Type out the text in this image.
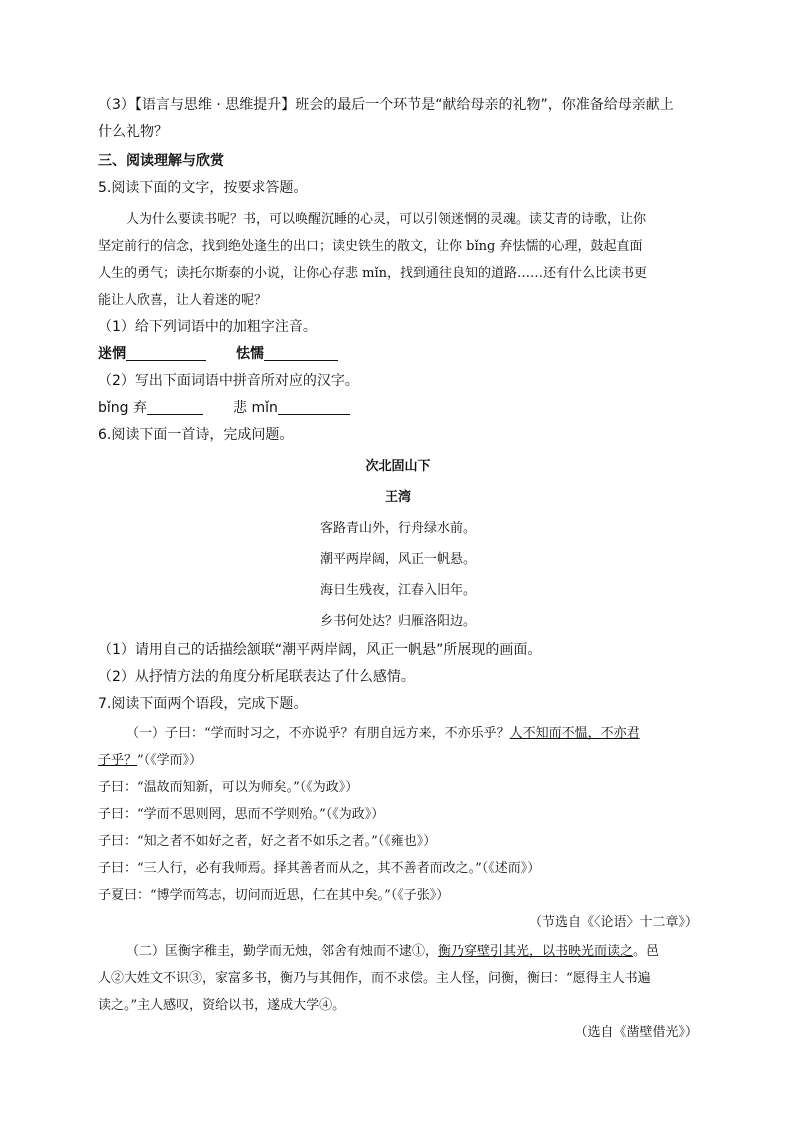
（3）【语言与思维 · 思维提升】班会的最后一个环节是“献给母亲的礼物”，你准备给母亲献上
什么礼物？
三、阅读理解与欣赏
5.阅读下面的文字，按要求答题。
人为什么要读书呢？书，可以唤醒沉睡的心灵，可以引领迷惘的灵魂。读艾青的诗歌，让你
坚定前行的信念，找到绝处逢生的出口；读史铁生的散文，让你 bǐng 弃怯懦的心理，鼓起直面
人生的勇气；读托尔斯泰的小说，让你心存悲 mǐn，找到通往良知的道路……还有什么比读书更
能让人欣喜，让人着迷的呢？
（1）给下列词语中的加粗字注音。
迷惘	怯懦
（2）写出下面词语中拼音所对应的汉字。
bǐng 弃	悲 mǐn
6.阅读下面一首诗，完成问题。
次北固山下
王湾
客路青山外，行舟绿水前。
潮平两岸阔，风正一帆悬。
海日生残夜，江春入旧年。
乡书何处达？归雁洛阳边。
（1）请用自己的话描绘颔联“潮平两岸阔，风正一帆悬”所展现的画面。
（2）从抒情方法的角度分析尾联表达了什么感情。
7.阅读下面两个语段，完成下题。
（一）子曰：“学而时习之，不亦说乎？有朋自远方来，不亦乐乎？人不知而不愠，不亦君
子乎？”（《学而》）
子曰：“温故而知新，可以为师矣。”（《为政》）
子曰：“学而不思则罔，思而不学则殆。”（《为政》）
子曰：“知之者不如好之者，好之者不如乐之者。”（《雍也》）
子曰：“三人行，必有我师焉。择其善者而从之，其不善者而改之。”（《述而》）
子夏曰：“博学而笃志，切问而近思，仁在其中矣。”（《子张》）
（节选自《〈论语〉十二章》）
（二）匡衡字稚圭，勤学而无烛，邻舍有烛而不逮①，衡乃穿壁引其光，以书映光而读之。邑
人②大姓文不识③，家富多书，衡乃与其佣作，而不求偿。主人怪，问衡，衡曰：“愿得主人书遍
读之。”主人感叹，资给以书，遂成大学④。
（选自《凿壁借光》）
